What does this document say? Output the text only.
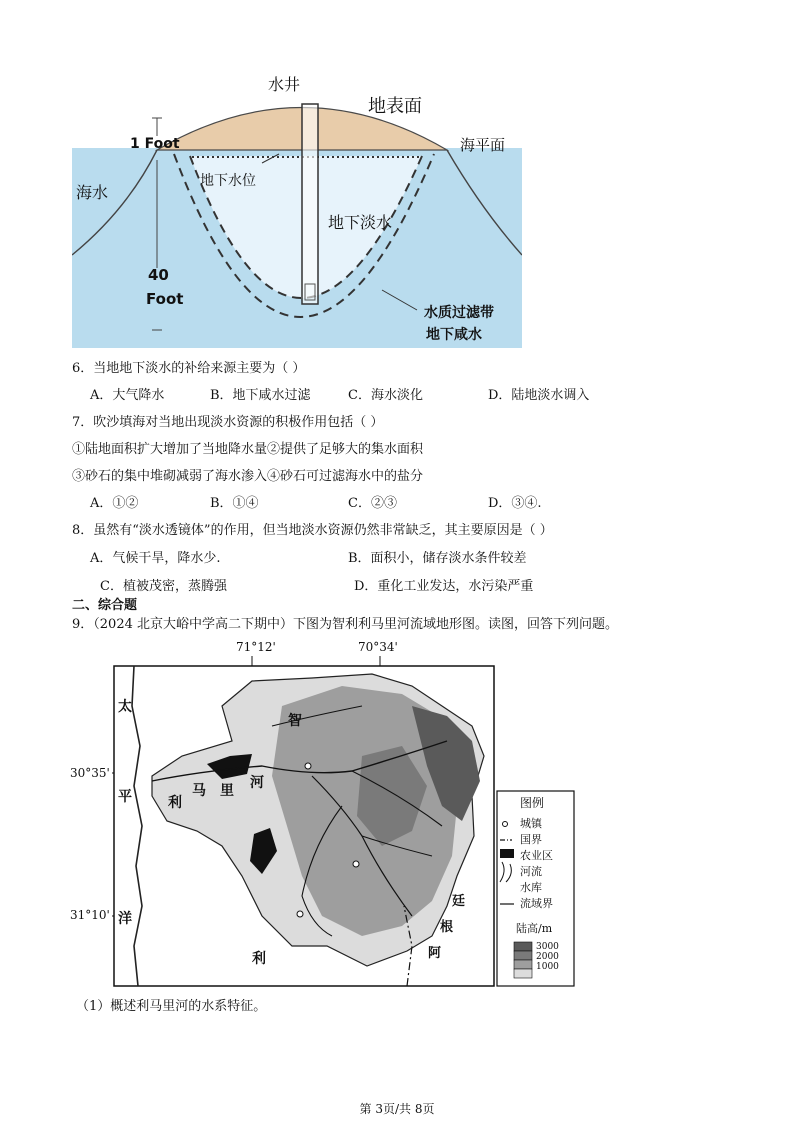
水井
地表面
海平面
1 Foot
海水
地下水位
地下淡水
40
Foot
水质过滤带
地下咸水
6．当地地下淡水的补给来源主要为（ ）
A．大气降水	B．地下咸水过滤	C．海水淡化	D．陆地淡水调入
7．吹沙填海对当地出现淡水资源的积极作用包括（ ）
①陆地面积扩大增加了当地降水量②提供了足够大的集水面积
③砂石的集中堆砌减弱了海水渗入④砂石可过滤海水中的盐分
A．①②	B．①④	C．②③	D．③④.
8．虽然有“淡水透镜体”的作用，但当地淡水资源仍然非常缺乏，其主要原因是（ ）
A．气候干旱，降水少.	B．面积小，储存淡水条件较差
C．植被茂密，蒸腾强	D．重化工业发达，水污染严重
二、综合题
9．（2024 北京大峪中学高二下期中）下图为智利利马里河流域地形图。读图，回答下列问题。
71°12'	70°34'
30°35'
31°10'
太
平
洋
智
利
马 里 河
利
阿
根
廷
图例
城镇
国界
农业区
河流
水库
流域界
陆高/m
3000
2000
1000
（1）概述利马里河的水系特征。
第 3页/共 8页
